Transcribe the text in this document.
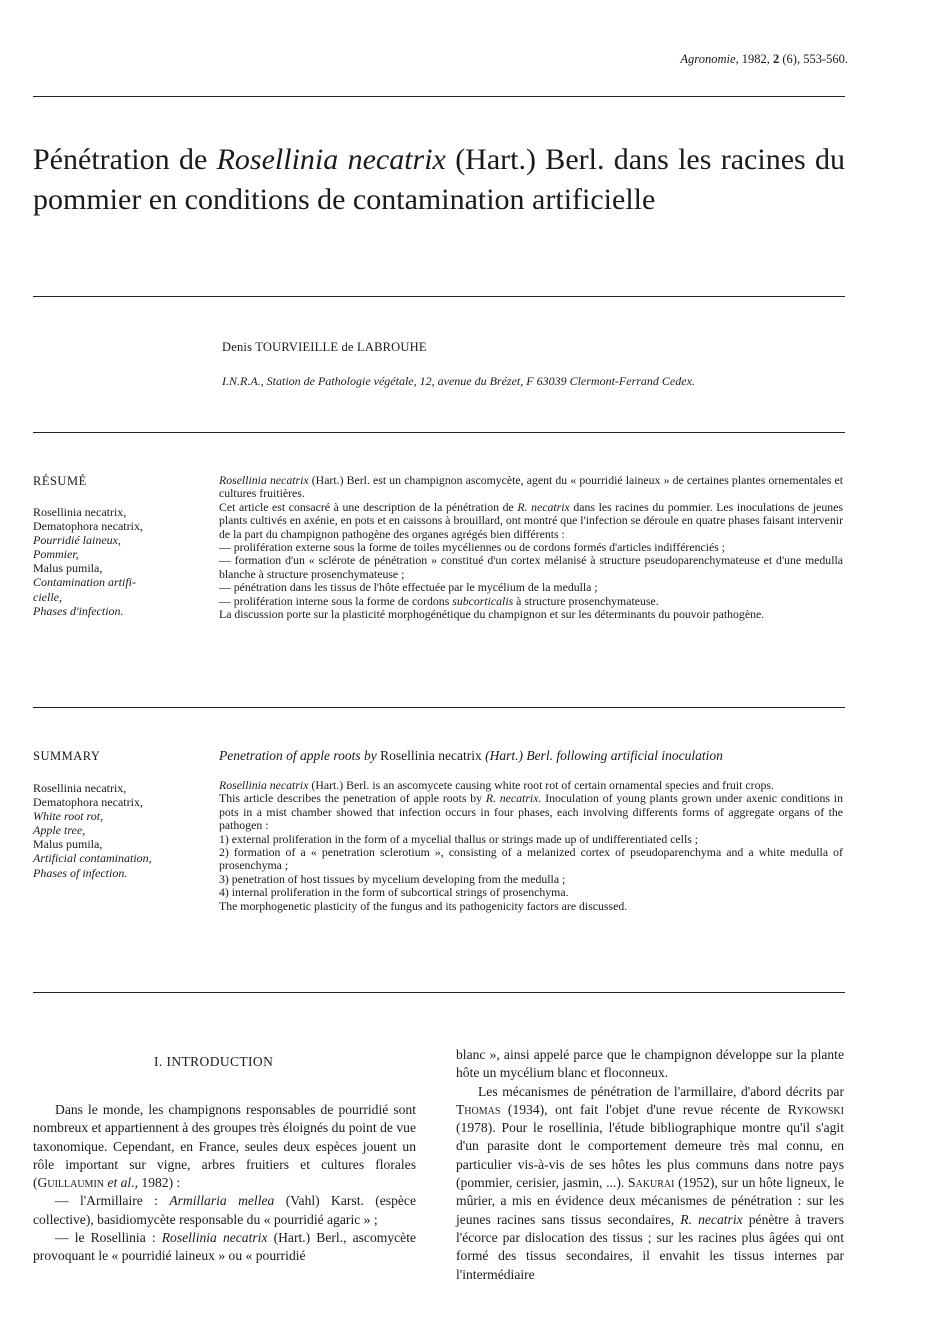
Agronomie, 1982, 2 (6), 553-560.
Pénétration de Rosellinia necatrix (Hart.) Berl. dans les racines du pommier en conditions de contamination artificielle
Denis TOURVIEILLE de LABROUHE
I.N.R.A., Station de Pathologie végétale, 12, avenue du Brézet, F 63039 Clermont-Ferrand Cedex.
RÉSUMÉ
Rosellinia necatrix,
Dematophora necatrix,
Pourridié laineux,
Pommier,
Malus pumila,
Contamination artifi-
cielle,
Phases d'infection.

Rosellinia necatrix (Hart.) Berl. est un champignon ascomycète, agent du « pourridié laineux » de certaines plantes ornementales et cultures fruitières.

Cet article est consacré à une description de la pénétration de R. necatrix dans les racines du pommier. Les inoculations de jeunes plants cultivés en axénie, en pots et en caissons à brouillard, ont montré que l'infection se déroule en quatre phases faisant intervenir de la part du champignon pathogène des organes agrégés bien différents :

— prolifération externe sous la forme de toiles mycéliennes ou de cordons formés d'articles indifférenciés ;

— formation d'un « sclérote de pénétration » constitué d'un cortex mélanisé à structure pseudoparenchymateuse et d'une medulla blanche à structure prosenchymateuse ;

— pénétration dans les tissus de l'hôte effectuée par le mycélium de la medulla ;

— prolifération interne sous la forme de cordons subcorticalis à structure prosenchymateuse.

La discussion porte sur la plasticité morphogénétique du champignon et sur les déterminants du pouvoir pathogène.

SUMMARY	Penetration of apple roots by Rosellinia necatrix (Hart.) Berl. following artificial inoculation
Rosellinia necatrix,
Dematophora necatrix,
White root rot,
Apple tree,
Malus pumila,
Artificial contamination,
Phases of infection.

Rosellinia necatrix (Hart.) Berl. is an ascomycete causing white root rot of certain ornamental species and fruit crops.

This article describes the penetration of apple roots by R. necatrix. Inoculation of young plants grown under axenic conditions in pots in a mist chamber showed that infection occurs in four phases, each involving differents forms of aggregate organs of the pathogen :

1) external proliferation in the form of a mycelial thallus or strings made up of undifferentiated cells ;

2) formation of a « penetration sclerotium », consisting of a melanized cortex of pseudoparenchyma and a white medulla of prosenchyma ;

3) penetration of host tissues by mycelium developing from the medulla ;

4) internal proliferation in the form of subcortical strings of prosenchyma.

The morphogenetic plasticity of the fungus and its pathogenicity factors are discussed.

I. INTRODUCTION

Dans le monde, les champignons responsables de pourridié sont nombreux et appartiennent à des groupes très éloignés du point de vue taxonomique. Cependant, en France, seules deux espèces jouent un rôle important sur vigne, arbres fruitiers et cultures florales (Guillaumin et al., 1982) :

— l'Armillaire : Armillaria mellea (Vahl) Karst. (espèce collective), basidiomycète responsable du « pourridié agaric » ;

— le Rosellinia : Rosellinia necatrix (Hart.) Berl., ascomycète provoquant le « pourridié laineux » ou « pourridié

blanc », ainsi appelé parce que le champignon développe sur la plante hôte un mycélium blanc et floconneux.

Les mécanismes de pénétration de l'armillaire, d'abord décrits par Thomas (1934), ont fait l'objet d'une revue récente de Rykowski (1978). Pour le rosellinia, l'étude bibliographique montre qu'il s'agit d'un parasite dont le comportement demeure très mal connu, en particulier vis-à-vis de ses hôtes les plus communs dans notre pays (pommier, cerisier, jasmin, ...). Sakurai (1952), sur un hôte ligneux, le mûrier, a mis en évidence deux mécanismes de pénétration : sur les jeunes racines sans tissus secondaires, R. necatrix pénètre à travers l'écorce par dislocation des tissus ; sur les racines plus âgées qui ont formé des tissus secondaires, il envahit les tissus internes par l'intermédiaire
